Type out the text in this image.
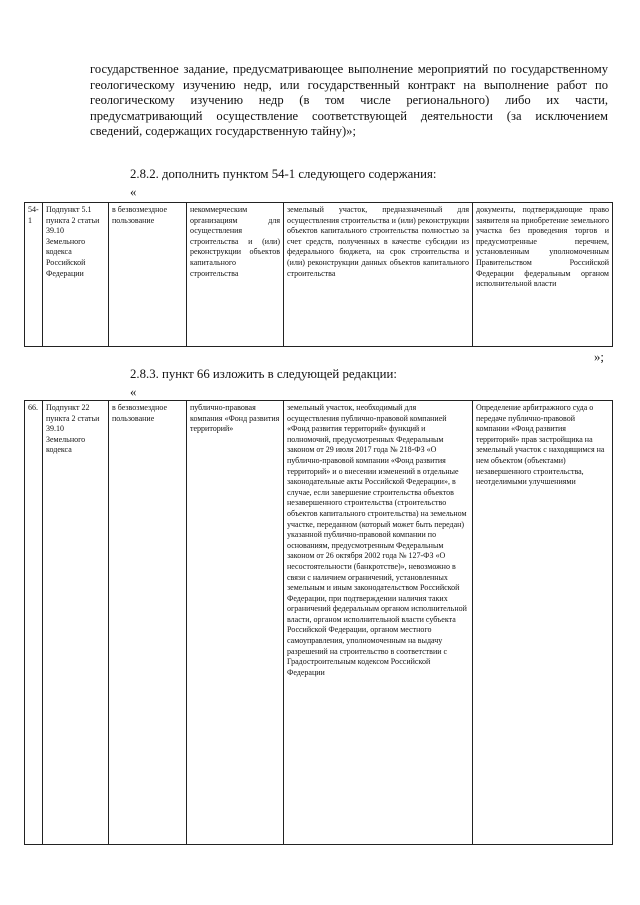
государственное задание, предусматривающее выполнение мероприятий по государственному геологическому изучению недр, или государственный контракт на выполнение работ по геологическому изучению недр (в том числе регионального) либо их части, предусматривающий осуществление соответствующей деятельности (за исключением сведений, содержащих государственную тайну)»;

2.8.2. дополнить пунктом 54-1 следующего содержания:

«

54-1	Подпункт 5.1 пункта 2 статьи 39.10 Земельного кодекса Российской Федерации	в безвозмездное пользование	некоммерческим организациям для осуществления строительства и (или) реконструкции объектов капитального строительства	земельный участок, предназначенный для осуществления строительства и (или) реконструкции объектов капитального строительства полностью за счет средств, полученных в качестве субсидии из федерального бюджета, на срок строительства и (или) реконструкции данных объектов капитального строительства	документы, подтверждающие право заявителя на приобретение земельного участка без проведения торгов и предусмотренные перечнем, установленным уполномоченным Правительством Российской Федерации федеральным органом исполнительной власти

»;

2.8.3. пункт 66 изложить в следующей редакции:

«

66.	Подпункт 22 пункта 2 статьи 39.10 Земельного кодекса	в безвозмездное пользование	публично-правовая компания «Фонд развития территорий»	земельный участок, необходимый для осуществления публично-правовой компанией «Фонд развития территорий» функций и полномочий, предусмотренных Федеральным законом от 29 июля 2017 года № 218-ФЗ «О публично-правовой компании «Фонд развития территорий» и о внесении изменений в отдельные законодательные акты Российской Федерации», в случае, если завершение строительства объектов незавершенного строительства (строительство объектов капитального строительства) на земельном участке, переданном (который может быть передан) указанной публично-правовой компании по основаниям, предусмотренным Федеральным законом от 26 октября 2002 года № 127-ФЗ «О несостоятельности (банкротстве)», невозможно в связи с наличием ограничений, установленных земельным и иным законодательством Российской Федерации, при подтверждении наличия таких ограничений федеральным органом исполнительной власти, органом исполнительной власти субъекта Российской Федерации, органом местного самоуправления, уполномоченным на выдачу разрешений на строительство в соответствии с Градостроительным кодексом Российской Федерации	Определение арбитражного суда о передаче публично-правовой компании «Фонд развития территорий» прав застройщика на земельный участок с находящимся на нем объектом (объектами) незавершенного строительства, неотделимыми улучшениями
